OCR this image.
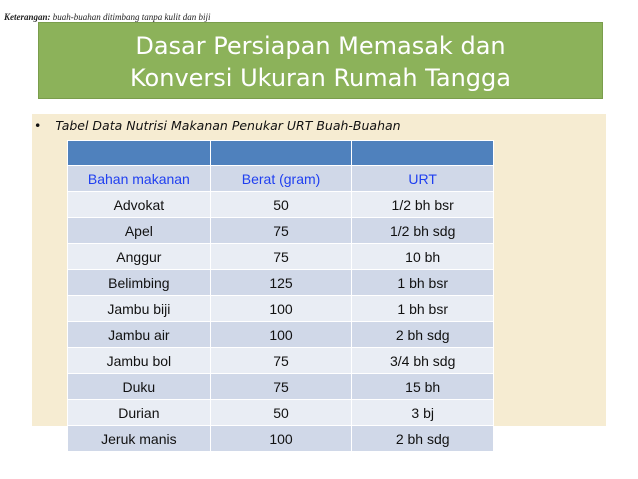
Keterangan: buah-buahan ditimbang tanpa kulit dan biji
Dasar Persiapan Memasak dan
Konversi Ukuran Rumah Tangga
• Tabel Data Nutrisi Makanan Penukar URT Buah-Buahan

Bahan makanan	Berat (gram)	URT
Advokat	50	1/2 bh bsr
Apel	75	1/2 bh sdg
Anggur	75	10 bh
Belimbing	125	1 bh bsr
Jambu biji	100	1 bh bsr
Jambu air	100	2 bh sdg
Jambu bol	75	3/4 bh sdg
Duku	75	15 bh
Durian	50	3 bj
Jeruk manis	100	2 bh sdg
